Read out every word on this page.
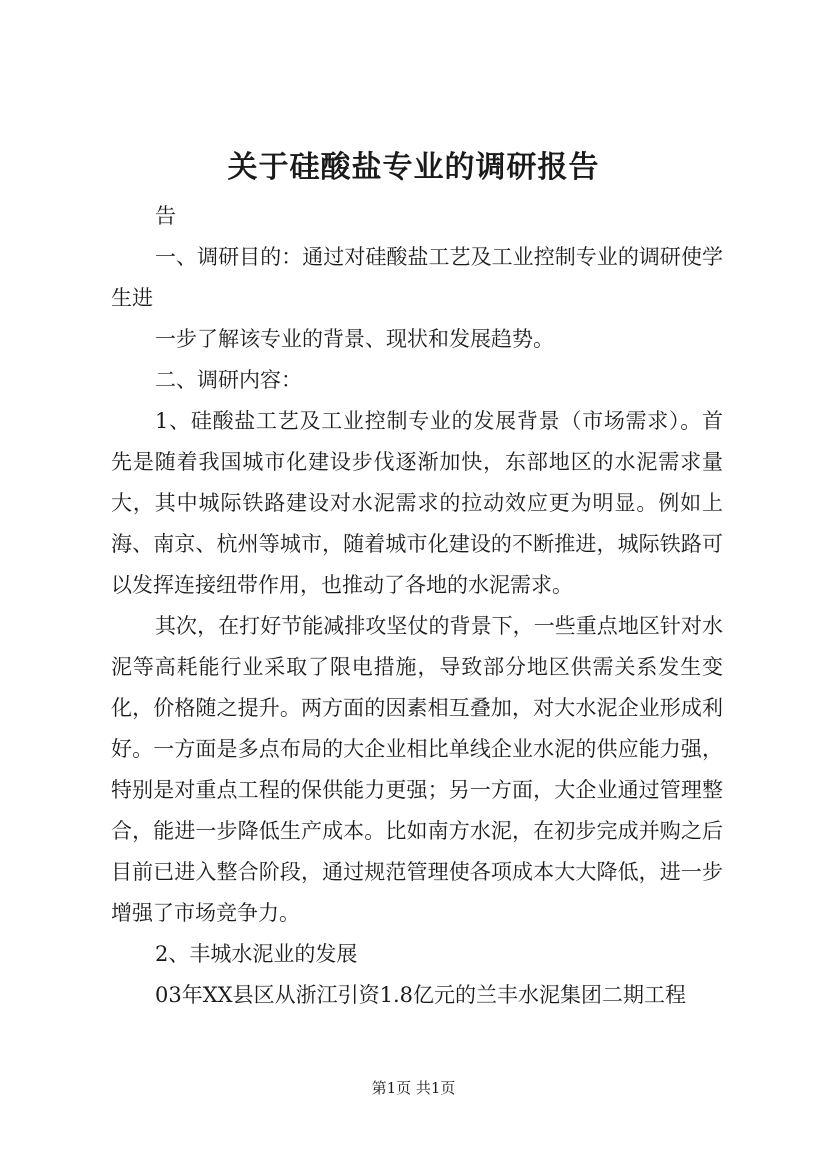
关于硅酸盐专业的调研报告

告

一、调研目的：通过对硅酸盐工艺及工业控制专业的调研使学生进

一步了解该专业的背景、现状和发展趋势。

二、调研内容：

1、硅酸盐工艺及工业控制专业的发展背景（市场需求）。首先是随着我国城市化建设步伐逐渐加快，东部地区的水泥需求量大，其中城际铁路建设对水泥需求的拉动效应更为明显。例如上海、南京、杭州等城市，随着城市化建设的不断推进，城际铁路可以发挥连接纽带作用，也推动了各地的水泥需求。

其次，在打好节能减排攻坚仗的背景下，一些重点地区针对水泥等高耗能行业采取了限电措施，导致部分地区供需关系发生变化，价格随之提升。两方面的因素相互叠加，对大水泥企业形成利好。一方面是多点布局的大企业相比单线企业水泥的供应能力强，特别是对重点工程的保供能力更强；另一方面，大企业通过管理整合，能进一步降低生产成本。比如南方水泥，在初步完成并购之后目前已进入整合阶段，通过规范管理使各项成本大大降低，进一步增强了市场竞争力。

2、丰城水泥业的发展

03年XX县区从浙江引资1.8亿元的兰丰水泥集团二期工程

第1页 共1页
